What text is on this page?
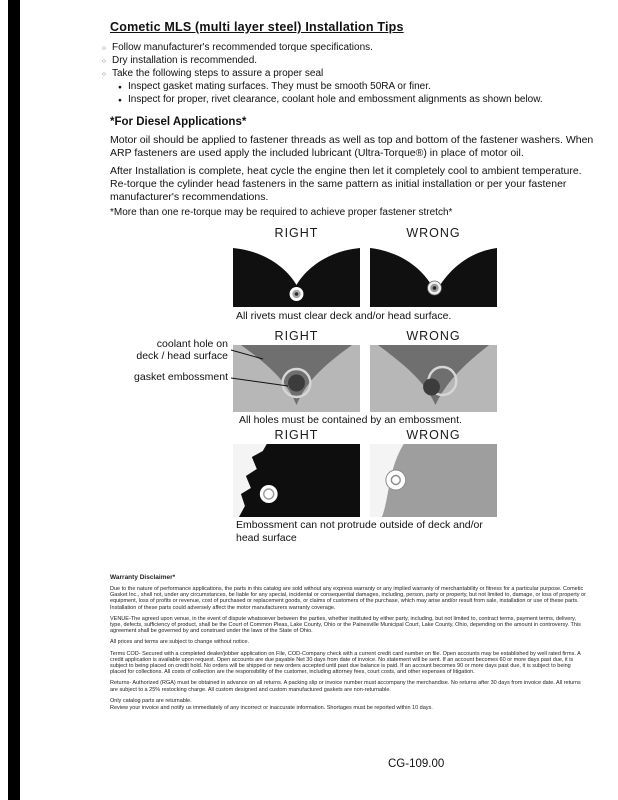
Cometic MLS (multi layer steel) Installation Tips
○ Follow manufacturer's recommended torque specifications.
○ Dry installation is recommended.
○ Take the following steps to assure a proper seal
● Inspect gasket mating surfaces. They must be smooth 50RA or finer.
● Inspect for proper, rivet clearance, coolant hole and embossment alignments as shown below.
*For Diesel Applications*
Motor oil should be applied to fastener threads as well as top and bottom of the fastener washers. When ARP fasteners are used apply the included lubricant (Ultra-Torque®) in place of motor oil.
After Installation is complete, heat cycle the engine then let it completely cool to ambient temperature. Re-torque the cylinder head fasteners in the same pattern as initial installation or per your fastener manufacturer's recommendations.
*More than one re-torque may be required to achieve proper fastener stretch*
RIGHT	WRONG
All rivets must clear deck and/or head surface.
coolant hole on
deck / head surface
gasket embossment
RIGHT	WRONG
All holes must be contained by an embossment.
RIGHT	WRONG
Embossment can not protrude outside of deck and/or head surface
Warranty Disclaimer*

Due to the nature of performance applications, the parts in this catalog are sold without any express warranty or any implied warranty of merchantability or fitness for a particular purpose. Cometic Gasket Inc., shall not, under any circumstances, be liable for any special, incidental or consequential damages, including, person, party or property, but not limited to, damage, or loss of property or equipment, loss of profits or revenue, cost of purchased or replacement goods, or claims of customers of the purchase, which may arise and/or result from sale, installation or use of these parts. Installation of these parts could adversely affect the motor manufacturers warranty coverage.

VENUE-The agreed upon venue, in the event of dispute whatsoever between the parties, whether instituted by either party, including, but not limited to, contract terms, payment terms, delivery, type, defects, sufficiency of product, shall be the Court of Common Pleas, Lake County, Ohio or the Painesville Municipal Court, Lake County, Ohio, depending on the amount in controversy. This agreement shall be governed by and construed under the laws of the State of Ohio.

All prices and terms are subject to change without notice.

Terms COD- Secured with a completed dealer/jobber application on File, COD-Company check with a current credit card number on file. Open accounts may be established by well rated firms. A credit application is available upon request. Open accounts are due payable Net 30 days from date of invoice. No statement will be sent. If an account becomes 60 or more days past due, it is subject to being placed on credit hold. No orders will be shipped or new orders accepted until past due balance is paid. If an account becomes 90 or more days past due, it is subject to being placed for collections. All costs of collection are the responsibility of the customer, including attorney fees, court costs, and other expenses of litigation.

Returns- Authorized (RGA) must be obtained in advance on all returns. A packing slip or invoice number must accompany the merchandise. No returns after 30 days from invoice date. All returns are subject to a 25% restocking charge. All custom designed and custom manufactured gaskets are non-returnable.

Only catalog parts are returnable.

Review your invoice and notify us immediately of any incorrect or inaccurate information. Shortages must be reported within 10 days.

CG-109.00
